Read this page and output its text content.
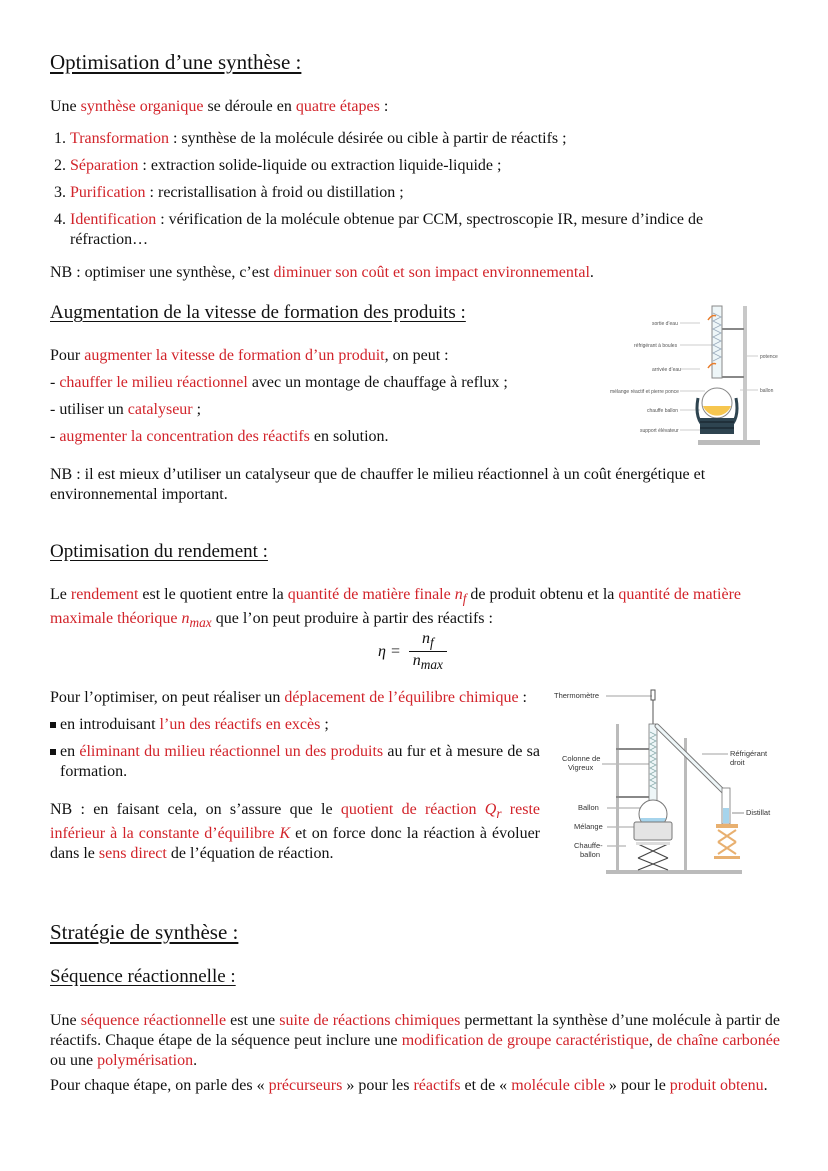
Optimisation d’une synthèse :
Une synthèse organique se déroule en quatre étapes :
1. Transformation : synthèse de la molécule désirée ou cible à partir de réactifs ;
2. Séparation : extraction solide-liquide ou extraction liquide-liquide ;
3. Purification : recristallisation à froid ou distillation ;
4. Identification : vérification de la molécule obtenue par CCM, spectroscopie IR, mesure d’indice de réfraction…
NB : optimiser une synthèse, c’est diminuer son coût et son impact environnemental.
Augmentation de la vitesse de formation des produits :
Pour augmenter la vitesse de formation d’un produit, on peut :
- chauffer le milieu réactionnel avec un montage de chauffage à reflux ;
- utiliser un catalyseur ;
- augmenter la concentration des réactifs en solution.
sortie d’eau
réfrigérant à boules
arrivée d’eau
mélange réactif et pierre ponce
chauffe ballon
support élévateur
potence
ballon
NB : il est mieux d’utiliser un catalyseur que de chauffer le milieu réactionnel à un coût énergétique et environnemental important.
Optimisation du rendement :
Le rendement est le quotient entre la quantité de matière finale $n_f$ de produit obtenu et la quantité de matière maximale théorique $n_{max}$ que l’on peut produire à partir des réactifs :
$\eta = \frac{n_f}{n_{max}}$
Pour l’optimiser, on peut réaliser un déplacement de l’équilibre chimique :
en introduisant l’un des réactifs en excès ;
en éliminant du milieu réactionnel un des produits au fur et à mesure de sa formation.
NB : en faisant cela, on s’assure que le quotient de réaction $Q_r$ reste inférieur à la constante d’équilibre K et on force donc la réaction à évoluer dans le sens direct de l’équation de réaction.
Thermomètre
Colonne de
Vigreux
Réfrigérant
droit
Distillat
Ballon
Mélange
Chauffe-
ballon
Stratégie de synthèse :
Séquence réactionnelle :
Une séquence réactionnelle est une suite de réactions chimiques permettant la synthèse d’une molécule à partir de réactifs. Chaque étape de la séquence peut inclure une modification de groupe caractéristique, de chaîne carbonée ou une polymérisation.
Pour chaque étape, on parle des « précurseurs » pour les réactifs et de « molécule cible » pour le produit obtenu.
